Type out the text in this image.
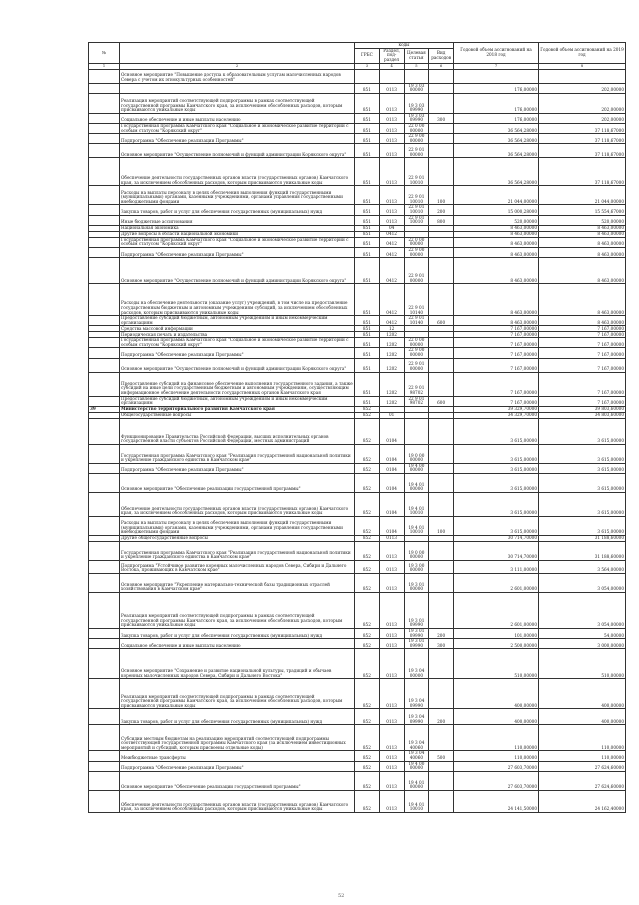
№		коды				Годовой объем ассигнований на 2018 год	Годовой объем ассигнований на 2019 год
		ГРБС	Раздел, под-раздел	Целевая статья	Вид расходов		
1	2	3	4	5	6	7	8
	Основное мероприятие "Повышение доступа к образовательным услугам малочисленных народов Севера с учетом их этнокультурных особенностей"						
		851	0113	19 3 03 00000		176,00000	202,00000
	Реализация мероприятий соответствующей подпрограммы в рамках соответствующей государственной программы Камчатского края, за исключением обособленных расходов, которым присваиваются уникальные коды	851	0113	19 3 03 09990		176,00000	202,00000
	Социальное обеспечение и иные выплаты населению	851	0113	19 3 03 09990	300	176,00000	202,00000
	Государственная программа Камчатского края "Социальное и экономическое развитие территории с особым статусом "Корякский округ"	851	0113	22 0 00 00000		36 564,28000	37 118,67000
	Подпрограмма "Обеспечение реализации Программы"	851	0113	22 9 00 00000		36 564,28000	37 118,67000
	Основное мероприятие "Осуществление полномочий и функций администрации Корякского округа"	851	0113	22 9 01 00000		36 564,28000	37 118,67000
	Обеспечение деятельности государственных органов власти (государственных органов) Камчатского края, за исключением обособленных расходов, которым присваиваются уникальные коды	851	0113	22 9 01 10010		36 564,28000	37 118,67000
	Расходы на выплаты персоналу в целях обеспечения выполнения функций государственными (муниципальными) органами, казенными учреждениями, органами управления государственными внебюджетными фондами	851	0113	22 9 01 10010	100	21 044,00000	21 044,00000
	Закупка товаров, работ и услуг для обеспечения государственных (муниципальных) нужд	851	0113	22 9 01 10010	200	15 000,28000	15 554,67000
	Иные бюджетные ассигнования	851	0113	22 9 01 10010	800	520,00000	520,00000
	Национальная экономика	851	04			8 463,00000	8 463,00000
	Другие вопросы в области национальной экономики	851	0412			8 463,00000	8 463,00000
	Государственная программа Камчатского края "Социальное и экономическое развитие территории с особым статусом "Корякский округ"	851	0412	22 0 00 00000		8 463,00000	8 463,00000
	Подпрограмма "Обеспечение реализации Программы"	851	0412	22 9 00 00000		8 463,00000	8 463,00000
	Основное мероприятие "Осуществление полномочий и функций администрации Корякского округа"	851	0412	22 9 01 00000		8 463,00000	8 463,00000
	Расходы на обеспечение деятельности (оказание услуг) учреждений, в том числе на предоставление государственным бюджетным и автономным учреждениям субсидий, за исключением обособленных расходов, которым присваиваются уникальные коды	851	0412	22 9 01 10140		8 463,00000	8 463,00000
	Предоставление субсидий бюджетным, автономным учреждениям и иным некоммерческим организациям	851	0412	22 9 01 10140	600	8 463,00000	8 463,00000
	Средства массовой информации	851	12			7 167,00000	7 167,00000
	Периодическая печать и издательства	851	1202			7 167,00000	7 167,00000
	Государственная программа Камчатского края "Социальное и экономическое развитие территории с особым статусом "Корякский округ"	851	1202	22 0 00 00000		7 167,00000	7 167,00000
	Подпрограмма "Обеспечение реализации Программы"	851	1202	22 9 00 00000		7 167,00000	7 167,00000
	Основное мероприятие "Осуществление полномочий и функций администрации Корякского округа"	851	1202	22 9 01 00000		7 167,00000	7 167,00000
	Предоставление субсидий на финансовое обеспечение выполнения государственного задания, а также субсидий на иные цели государственным бюджетным и автономным учреждениям, осуществляющим информационное обеспечение деятельности государственных органов Камчатского края	851	1202	22 9 01 98702		7 167,00000	7 167,00000
	Предоставление субсидий бюджетным, автономным учреждениям и иным некоммерческим организациям	851	1202	22 9 01 98702	600	7 167,00000	7 167,00000
39	Министерство территориального развития Камчатского края	852				39 329,70000	39 803,60000
	Общегосударственные вопросы	852	01			34 329,70000	34 803,60000
	Функционирование Правительства Российской Федерации, высших исполнительных органов государственной власти субъектов Российской Федерации, местных администраций	852	0104			3 615,00000	3 615,00000
	Государственная программа Камчатского края "Реализация государственной национальной политики и укрепление гражданского единства в Камчатском крае"	852	0104	19 0 00 00000		3 615,00000	3 615,00000
	Подпрограмма "Обеспечение реализации Программы"	852	0104	19 4 00 00000		3 615,00000	3 615,00000
	Основное мероприятие "Обеспечение реализации государственной программы"	852	0104	19 4 01 00000		3 615,00000	3 615,00000
	Обеспечение деятельности государственных органов власти (государственных органов) Камчатского края, за исключением обособленных расходов, которым присваиваются уникальные коды	852	0104	19 4 01 10010		3 615,00000	3 615,00000
	Расходы на выплаты персоналу в целях обеспечения выполнения функций государственными (муниципальными) органами, казенными учреждениями, органами управления государственными внебюджетными фондами	852	0104	19 4 01 10010	100	3 615,00000	3 615,00000
	Другие общегосударственные вопросы	852	0113			30 714,70000	31 188,60000
	Государственная программа Камчатского края "Реализация государственной национальной политики и укрепление гражданского единства в Камчатском крае"	852	0113	19 0 00 00000		30 714,70000	31 188,60000
	Подпрограмма "Устойчивое развитие коренных малочисленных народов Севера, Сибири и Дальнего Востока, проживающих в Камчатском крае"	852	0113	19 3 00 00000		3 111,00000	3 564,00000
	Основное мероприятие "Укрепление материально-технической базы традиционных отраслей хозяйствования в Камчатском крае"	852	0113	19 3 01 00000		2 601,00000	3 054,00000
	Реализация мероприятий соответствующей подпрограммы в рамках соответствующей государственной программы Камчатского края, за исключением обособленных расходов, которым присваиваются уникальные коды	852	0113	19 3 01 09990		2 601,00000	3 054,00000
	Закупка товаров, работ и услуг для обеспечения государственных (муниципальных) нужд	852	0113	19 3 01 09990	200	101,00000	54,00000
	Социальное обеспечение и иные выплаты населению	852	0113	19 3 01 09990	300	2 500,00000	3 000,00000
	Основное мероприятие "Сохранение и развитие национальной культуры, традиций и обычаев коренных малочисленных народов Севера, Сибири и Дальнего Востока"	852	0113	19 3 04 00000		510,00000	510,00000
	Реализация мероприятий соответствующей подпрограммы в рамках соответствующей государственной программы Камчатского края, за исключением обособленных расходов, которым присваиваются уникальные коды	852	0113	19 3 04 09990		400,00000	400,00000
	Закупка товаров, работ и услуг для обеспечения государственных (муниципальных) нужд	852	0113	19 3 04 09990	200	400,00000	400,00000
	Субсидии местным бюджетам на реализацию мероприятий соответствующей подпрограммы соответствующей государственной программы Камчатского края (за исключением инвестиционных мероприятий и субсидий, которым присвоены отдельные коды)	852	0113	19 3 04 40060		110,00000	110,00000
	Межбюджетные трансферты	852	0113	19 3 04 40060	500	110,00000	110,00000
	Подпрограмма "Обеспечение реализации Программы"	852	0113	19 4 00 00000		27 603,70000	27 624,60000
	Основное мероприятие "Обеспечение реализации государственной программы"	852	0113	19 4 01 00000		27 603,70000	27 624,60000
	Обеспечение деятельности государственных органов власти (государственных органов) Камчатского края, за исключением обособленных расходов, которым присваиваются уникальные коды	852	0113	19 4 01 10010		24 141,50000	24 162,40000
52
